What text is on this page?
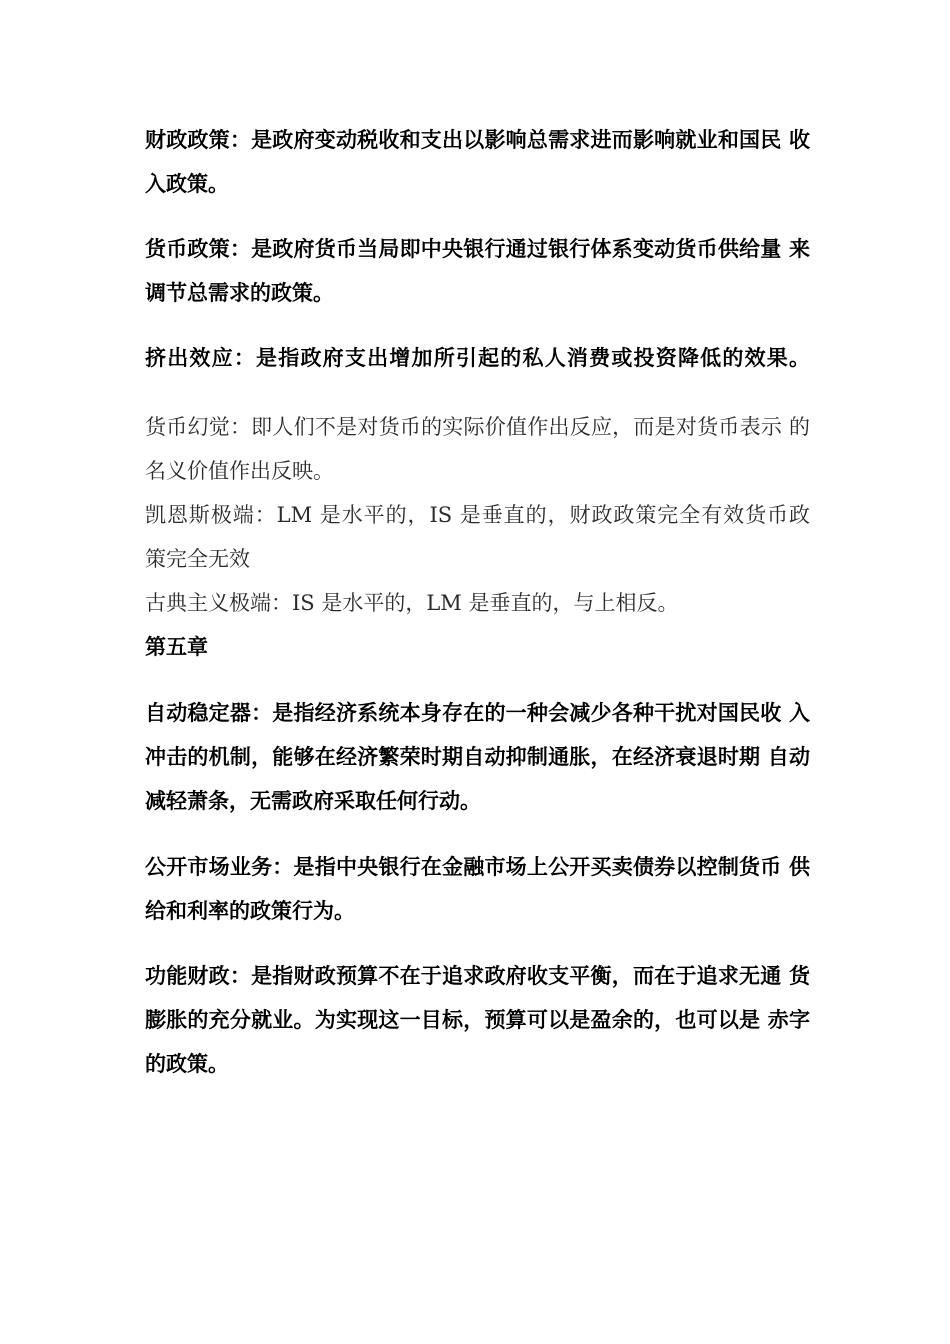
财政政策：是政府变动税收和支出以影响总需求进而影响就业和国民 收
入政策。
货币政策：是政府货币当局即中央银行通过银行体系变动货币供给量 来
调节总需求的政策。
挤出效应：是指政府支出增加所引起的私人消费或投资降低的效果。
货币幻觉：即人们不是对货币的实际价值作出反应，而是对货币表示 的
名义价值作出反映。
凯恩斯极端：LM 是水平的，IS 是垂直的，财政政策完全有效货币政
策完全无效
古典主义极端：IS 是水平的，LM 是垂直的，与上相反。
第五章
自动稳定器：是指经济系统本身存在的一种会减少各种干扰对国民收 入
冲击的机制，能够在经济繁荣时期自动抑制通胀，在经济衰退时期 自动
减轻萧条，无需政府采取任何行动。
公开市场业务：是指中央银行在金融市场上公开买卖债券以控制货币 供
给和利率的政策行为。
功能财政：是指财政预算不在于追求政府收支平衡，而在于追求无通 货
膨胀的充分就业。为实现这一目标，预算可以是盈余的，也可以是 赤字
的政策。
